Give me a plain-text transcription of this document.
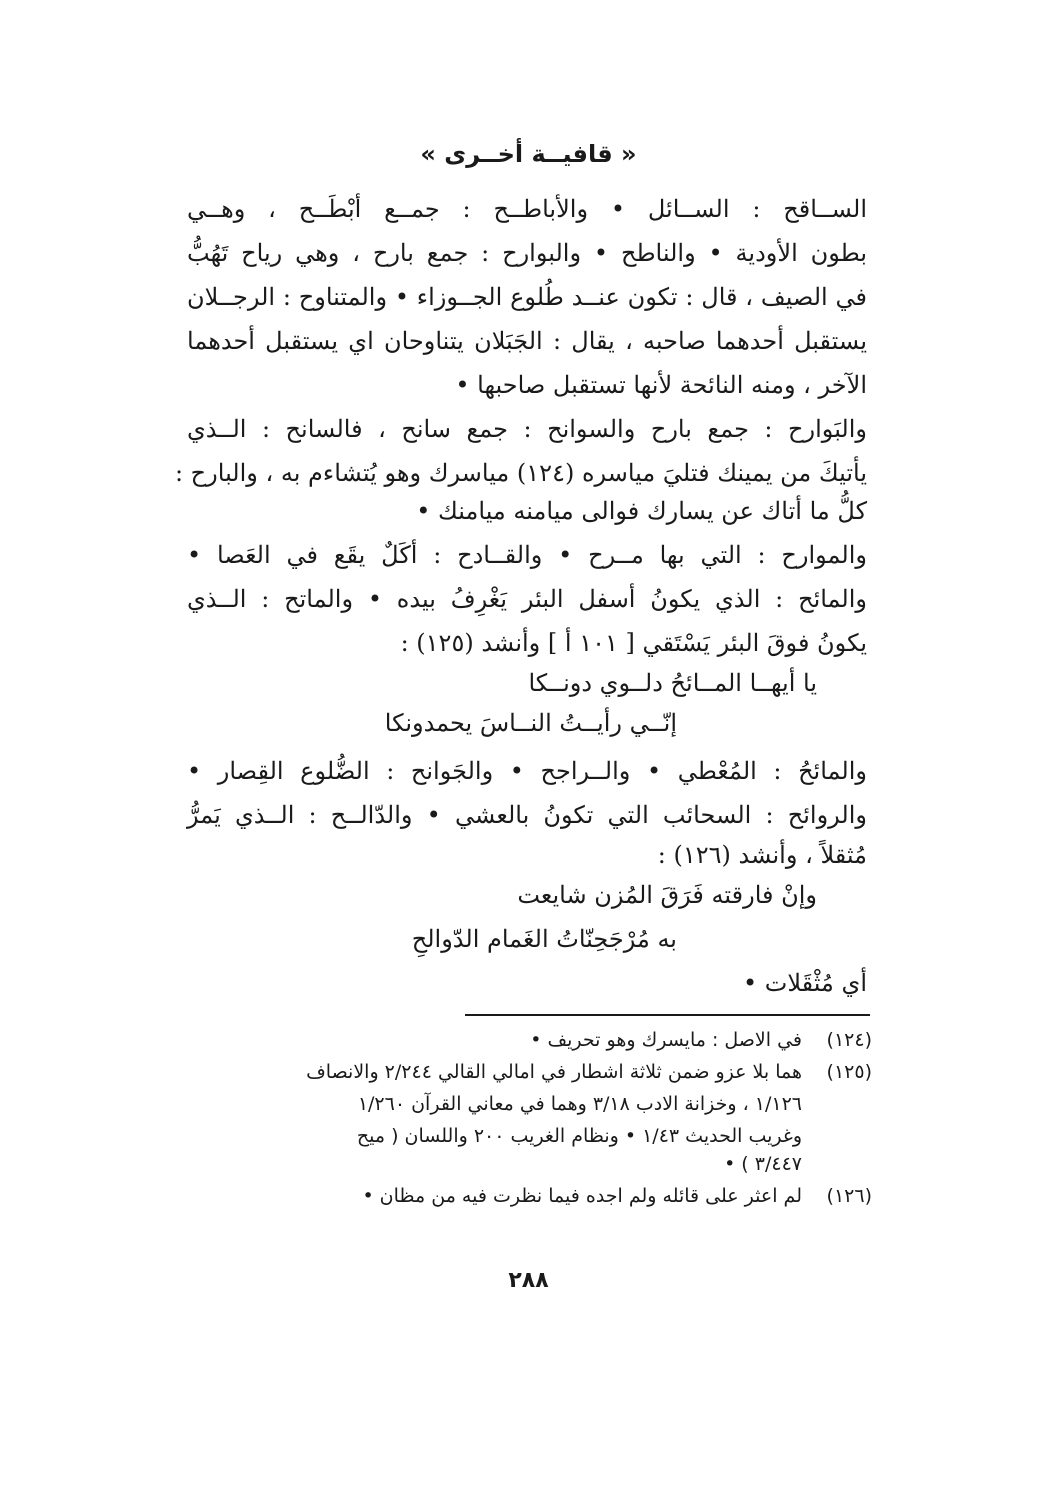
« قافيــة أخــرى »
الســاقح : الســائل • والأباطــح : جمــع أبْطَــح ، وهــي
بطون الأودية • والناطح • والبوارح : جمع بارح ، وهي رياح تَهُبُّ
في الصيف ، قال : تكون عنــد طُلوع الجــوزاء • والمتناوح : الرجــلان
يستقبل أحدهما صاحبه ، يقال : الجَبَلان يتناوحان اي يستقبل أحدهما
الآخر ، ومنه النائحة لأنها تستقبل صاحبها •
والبَوارح : جمع بارح والسوانح : جمع سانح ، فالسانح : الــذي
يأتيكَ من يمينك فتليَ مياسره (١٢٤) مياسرك وهو يُتشاءم به ، والبارح :
كلُّ ما أتاك عن يسارك فوالى ميامنه ميامنك •
والموارح : التي بها مــرح • والقــادح : أكَلٌ يقَع في العَصا •
والمائح : الذي يكونُ أسفل البئر يَغْرِفُ بيده • والماتح : الــذي
يكونُ فوقَ البئر يَسْتَقي [ ١٠١ أ ] وأنشد (١٢٥) :
يا أيهــا المــائحُ دلــوي دونــكا
إنّــي رأيــتُ النــاسَ يحمدونكا
والمائحُ : المُعْطي • والــراجح • والجَوانح : الضُّلوع القِصار •
والروائح : السحائب التي تكونُ بالعشي • والدّالــح : الــذي يَمرُّ
مُثقلاً ، وأنشد (١٢٦) :
وإنْ فارقته فَرَقَ المُزن شايعت
به مُرْجَحِنّاتُ الغَمام الدّوالحِ
أي مُثْقَلات •
(١٢٤)
في الاصل : مايسرك وهو تحريف •
(١٢٥)
هما بلا عزو ضمن ثلاثة اشطار في امالي القالي ٢/٢٤٤ والانصاف
١/١٢٦ ، وخزانة الادب ٣/١٨ وهما في معاني القرآن ١/٢٦٠
وغريب الحديث ١/٤٣ • ونظام الغريب ٢٠٠ واللسان ( ميح
٣/٤٤٧ ) •
(١٢٦)
لم اعثر على قائله ولم اجده فيما نظرت فيه من مظان •
٢٨٨
